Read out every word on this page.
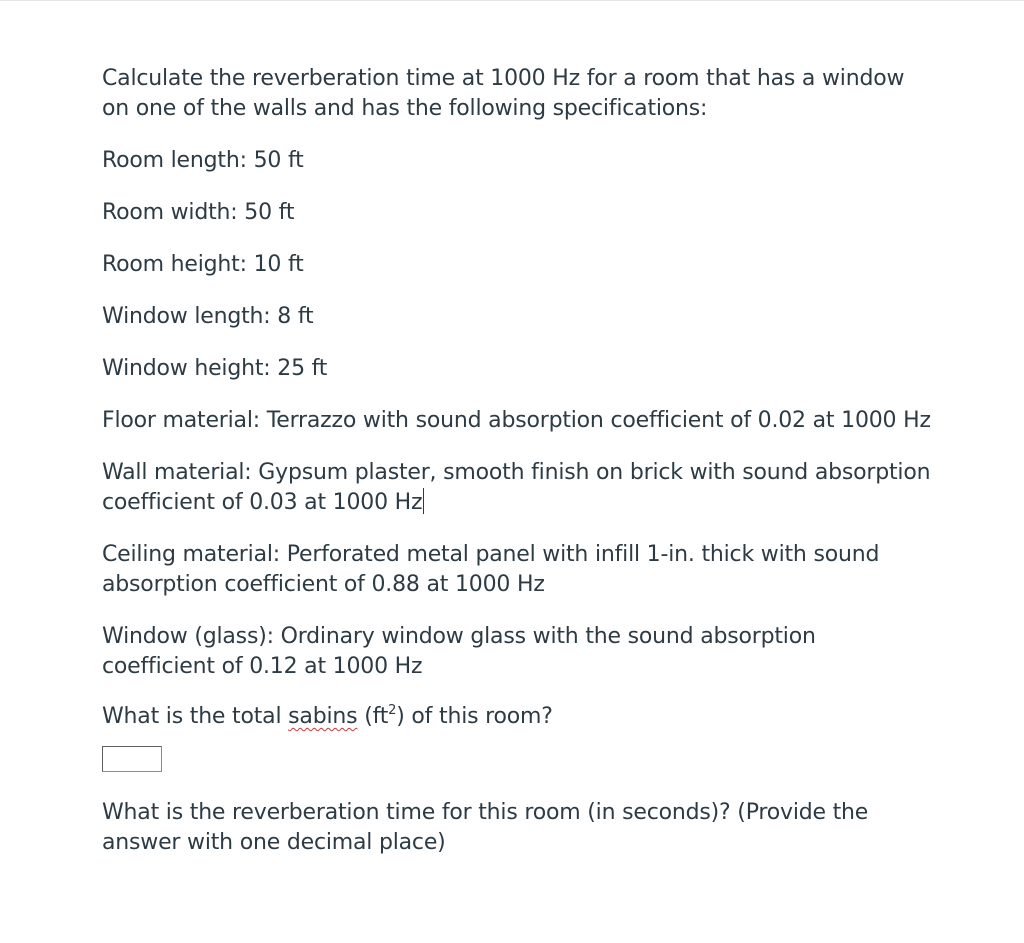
Calculate the reverberation time at 1000 Hz for a room that has a window on one of the walls and has the following specifications:

Room length: 50 ft

Room width: 50 ft

Room height: 10 ft

Window length: 8 ft

Window height: 25 ft

Floor material: Terrazzo with sound absorption coefficient of 0.02 at 1000 Hz

Wall material: Gypsum plaster, smooth finish on brick with sound absorption coefficient of 0.03 at 1000 Hz

Ceiling material: Perforated metal panel with infill 1-in. thick with sound absorption coefficient of 0.88 at 1000 Hz

Window (glass): Ordinary window glass with the sound absorption coefficient of 0.12 at 1000 Hz

What is the total sabins $(ft^2)$ of this room?

What is the reverberation time for this room (in seconds)? (Provide the answer with one decimal place)
